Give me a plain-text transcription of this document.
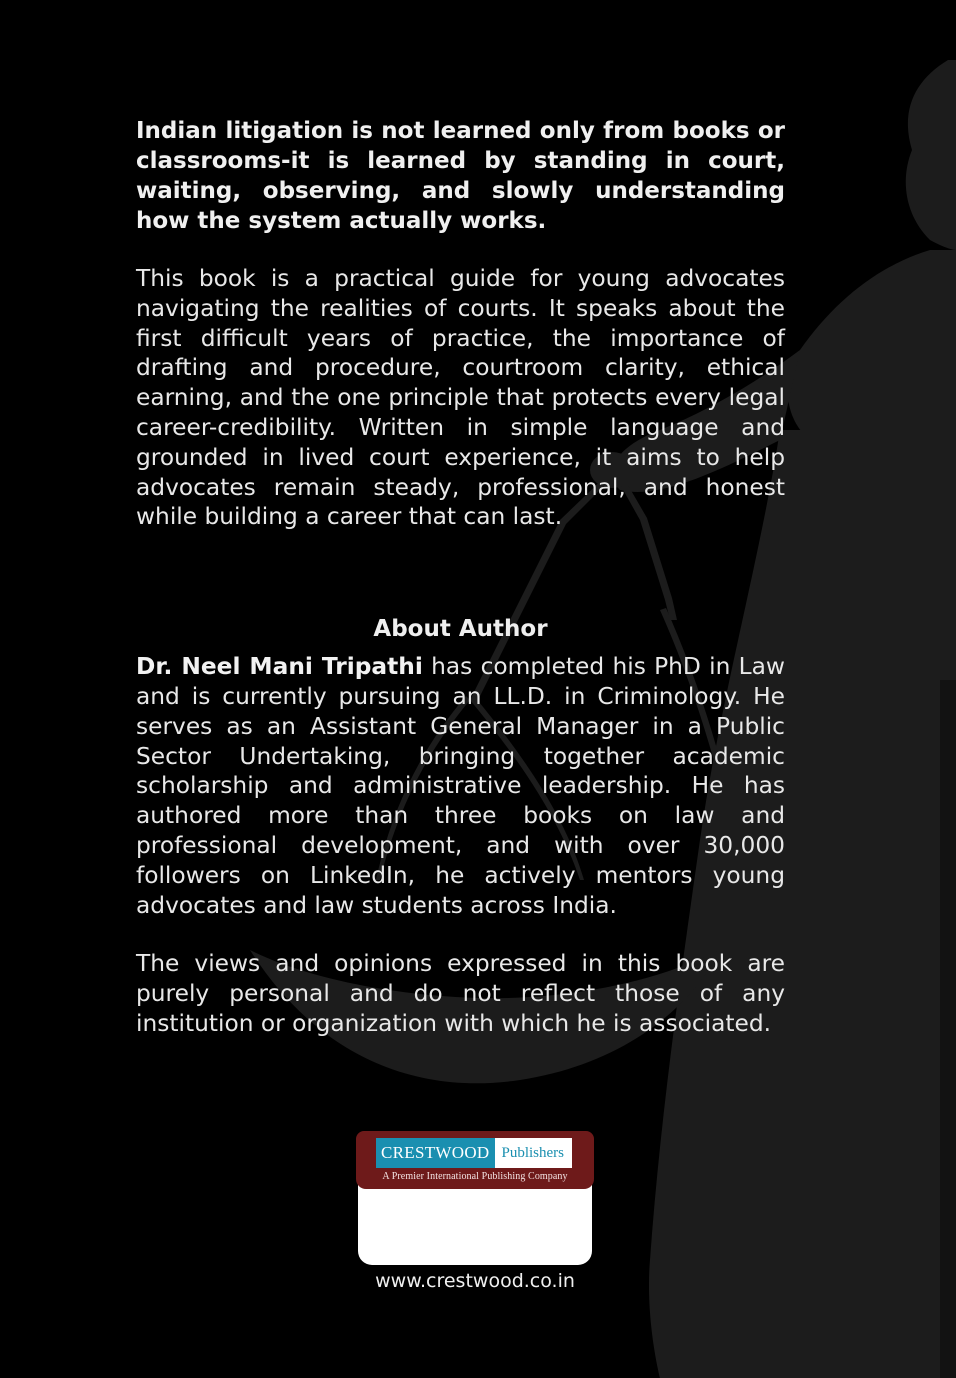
Indian litigation is not learned only from books or classrooms-it is learned by standing in court, waiting, observing, and slowly understanding how the system actually works.

This book is a practical guide for young advocates navigating the realities of courts. It speaks about the first difficult years of practice, the importance of drafting and procedure, courtroom clarity, ethical earning, and the one principle that protects every legal career-credibility. Written in simple language and grounded in lived court experience, it aims to help advocates remain steady, professional, and honest while building a career that can last.

About Author

Dr. Neel Mani Tripathi has completed his PhD in Law and is currently pursuing an LL.D. in Criminology. He serves as an Assistant General Manager in a Public Sector Undertaking, bringing together academic scholarship and administrative leadership. He has authored more than three books on law and professional development, and with over 30,000 followers on LinkedIn, he actively mentors young advocates and law students across India.

The views and opinions expressed in this book are purely personal and do not reflect those of any institution or organization with which he is associated.

CRESTWOOD Publishers
A Premier International Publishing Company
www.crestwood.co.in
